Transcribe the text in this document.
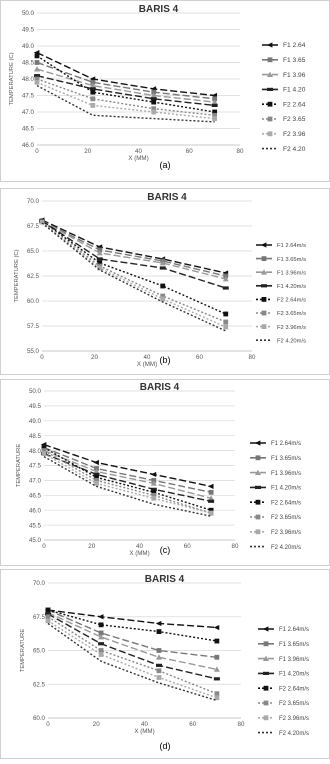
BARIS 4
46.0
46.5
47.0
47.5
48.0
48.5
49.0
49.5
50.0
0	20	40	60	80
X (MM)
TEMPERATURE (C)
F1 2.64
F1 3.65
F1 3.96
F1 4.20
F2 2.64
F2 3.65
F2 3.96
F2 4.20
(a)
BARIS 4
55.0
57.5
60.0
62.5
65.0
67.5
70.0
0	20	40	60	80
X (MM)
TEMPERATURE (C)
F1 2.64m/s
F1 3.65m/s
F1 3.96m/s
F1 4.20m/s
F2 2.64m/s
F2 3.65m/s
F2 3.96m/s
F2 4.20m/s
(b)
BARIS 4
45.0
45.5
46.0
46.5
47.0
47.5
48.0
48.5
49.0
49.5
50.0
0	20	40	60	80
X (MM)
TEMPERATURE	F1 2.64m/s
F1 3.65m/s
F1 3.96m/s
F1 4.20m/s
F2 2.64m/s
F2 3.65m/s
F2 3.96m/s
F2 4.20m/s
(c)
BARIS 4
60.0
62.5
65.0
67.5
70.0
0	20	40	60	80
X (MM)
TEMPERATURE	F1 2.64m/s
F1 3.65m/s
F1 3.96m/s
F1 4.20m/s
F2 2.64m/s
F2 3.65m/s
F2 3.96m/s
F2 4.20m/s
(d)
